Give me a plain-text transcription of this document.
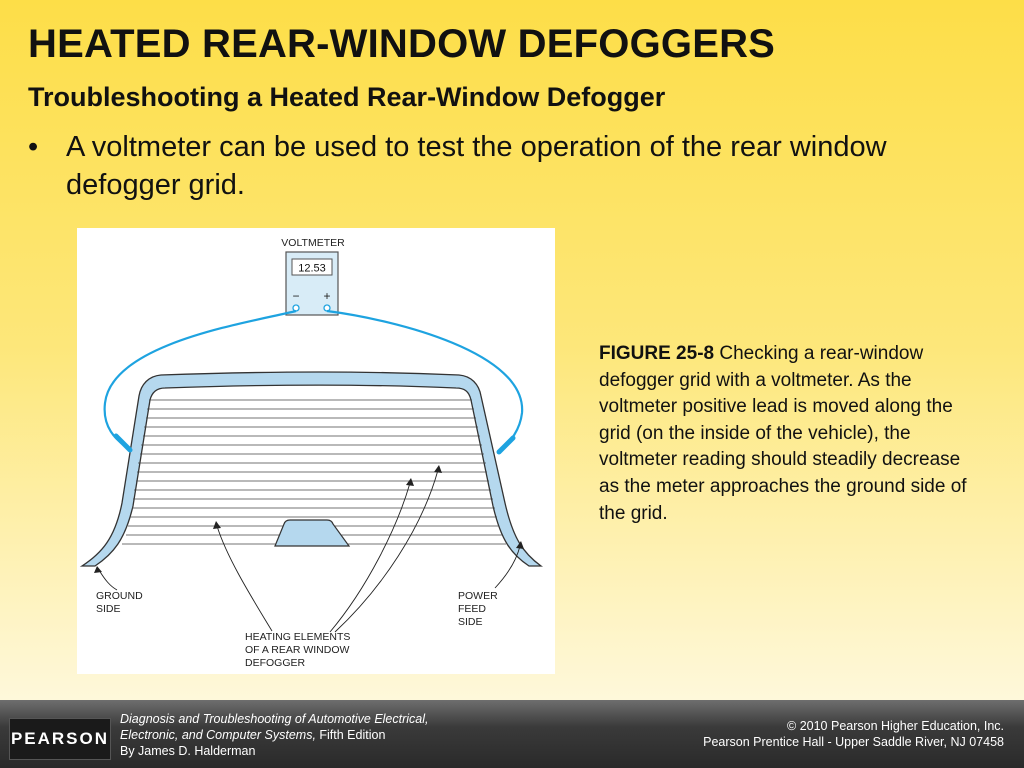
HEATED REAR-WINDOW DEFOGGERS
Troubleshooting a Heated Rear-Window Defogger
• A voltmeter can be used to test the operation of the rear window defogger grid.
VOLTMETER
12.53
− +
GROUND SIDE
POWER FEED SIDE
HEATING ELEMENTS OF A REAR WINDOW DEFOGGER
FIGURE 25-8 Checking a rear-window defogger grid with a voltmeter. As the voltmeter positive lead is moved along the grid (on the inside of the vehicle), the voltmeter reading should steadily decrease as the meter approaches the ground side of the grid.
PEARSON
Diagnosis and Troubleshooting of Automotive Electrical,
Electronic, and Computer Systems, Fifth Edition
By James D. Halderman
© 2010 Pearson Higher Education, Inc.
Pearson Prentice Hall - Upper Saddle River, NJ 07458
